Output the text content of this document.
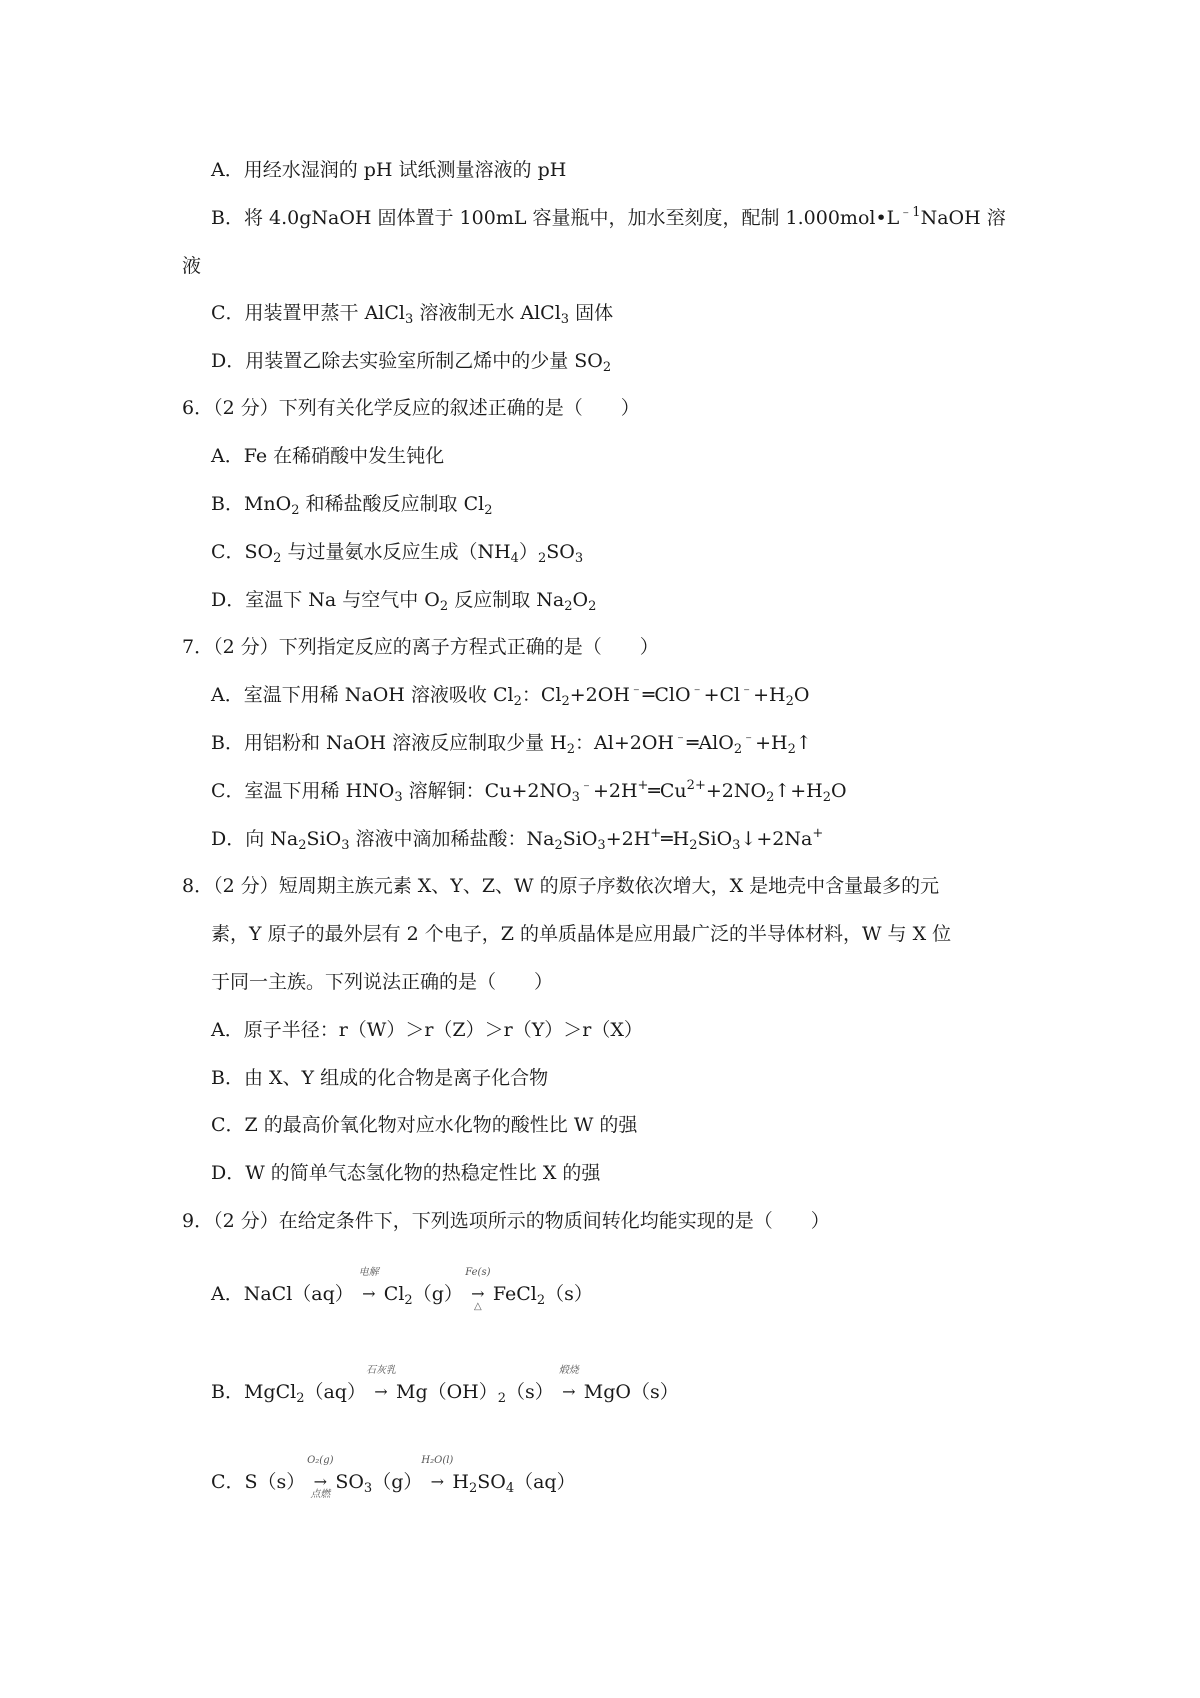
A．用经水湿润的 pH 试纸测量溶液的 pH
B．将 4.0gNaOH 固体置于 100mL 容量瓶中，加水至刻度，配制 $1.000mol•L^{﹣1}NaOH$ 溶
液
C．用装置甲蒸干 AlCl$_3$ 溶液制无水 AlCl$_3$ 固体
D．用装置乙除去实验室所制乙烯中的少量 $SO_2$
6．（2 分）下列有关化学反应的叙述正确的是（　　）
A．Fe 在稀硝酸中发生钝化
B．MnO$_2$ 和稀盐酸反应制取 $Cl_2$
C．$SO_2$ 与过量氨水反应生成$(NH_4)_2SO_3$
D．室温下 Na 与空气中 $O_2$ 反应制取 $Na_2O_2$
7．（2 分）下列指定反应的离子方程式正确的是（　　）
A．室温下用稀 NaOH 溶液吸收 $Cl_2$：$Cl_2+2OH^﹣═ClO^﹣+Cl^﹣+H_2O$
B．用铝粉和 NaOH 溶液反应制取少量 $H_2$：$Al+2OH^﹣═AlO_2^﹣+H_2↑$
C．室温下用稀 $HNO_3$ 溶解铜：$Cu+2NO_3^﹣+2H^+═Cu^{2+}+2NO_2↑+H_2O$
D．向 $Na_2SiO_3$ 溶液中滴加稀盐酸：$Na_2SiO_3+2H^+═H_2SiO_3↓+2Na^+$
8．（2 分）短周期主族元素 X、Y、Z、W 的原子序数依次增大，X 是地壳中含量最多的元
素，Y 原子的最外层有 2 个电子，Z 的单质晶体是应用最广泛的半导体材料，W 与 X 位
于同一主族。下列说法正确的是（　　）
A．原子半径：r（W）＞r（Z）＞r（Y）＞r（X）
B．由 X、Y 组成的化合物是离子化合物
C．Z 的最高价氧化物对应水化物的酸性比 W 的强
D．W 的简单气态氢化物的热稳定性比 X 的强
9．（2 分）在给定条件下，下列选项所示的物质间转化均能实现的是（　　）
A．NaCl（aq）
电解
→ $Cl_2(g)$
Fe(s)
→
△
FeCl$_2$（s）
B．MgCl$_2$（aq）
石灰乳
→ $Mg(OH)_2(s)$
煅烧
→ MgO（s）
C．S（s）
O₂(g)
→
点燃
$SO_3(g)$
H₂O(l)
→ $H_2SO_4(aq)$
